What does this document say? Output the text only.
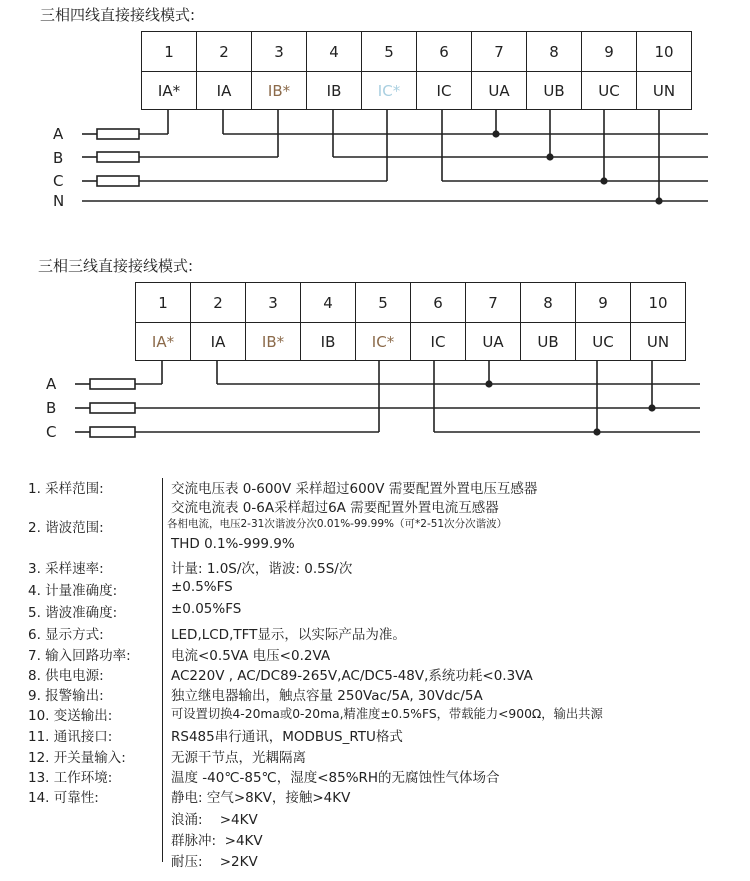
三相四线直接接线模式:
1	2	3	4	5	6	7	8	9	10
IA*	IA	IB*	IB	IC*	IC	UA	UB	UC	UN
A
B
C
N
三相三线直接接线模式:
1	2	3	4	5	6	7	8	9	10
IA*	IA	IB*	IB	IC*	IC	UA	UB	UC	UN
A
B
C
1. 采样范围:	交流电压表 0-600V 采样超过600V 需要配置外置电压互感器
交流电流表 0-6A采样超过6A 需要配置外置电流互感器
2. 谐波范围:	各相电流，电压2-31次谐波分次0.01%-99.99%（可*2-51次分次谐波）
THD 0.1%-999.9%
3. 采样速率:	计量: 1.0S/次，谐波: 0.5S/次
4. 计量准确度:	±0.5%FS
5. 谐波准确度:	±0.05%FS
6. 显示方式:	LED,LCD,TFT显示，以实际产品为准。
7. 输入回路功率:	电流<0.5VA 电压<0.2VA
8. 供电电源:	AC220V , AC/DC89-265V,AC/DC5-48V,系统功耗<0.3VA
9. 报警输出:	独立继电器输出，触点容量 250Vac/5A, 30Vdc/5A
10. 变送输出:	可设置切换4-20ma或0-20ma,精准度±0.5%FS，带载能力<900Ω，输出共源
11. 通讯接口:	RS485串行通讯，MODBUS_RTU格式
12. 开关量输入:	无源干节点，光耦隔离
13. 工作环境:	温度 -40℃-85℃，湿度<85%RH的无腐蚀性气体场合
14. 可靠性:	静电: 空气>8KV，接触>4KV
浪涌:    >4KV
群脉冲:  >4KV
耐压:    >2KV
